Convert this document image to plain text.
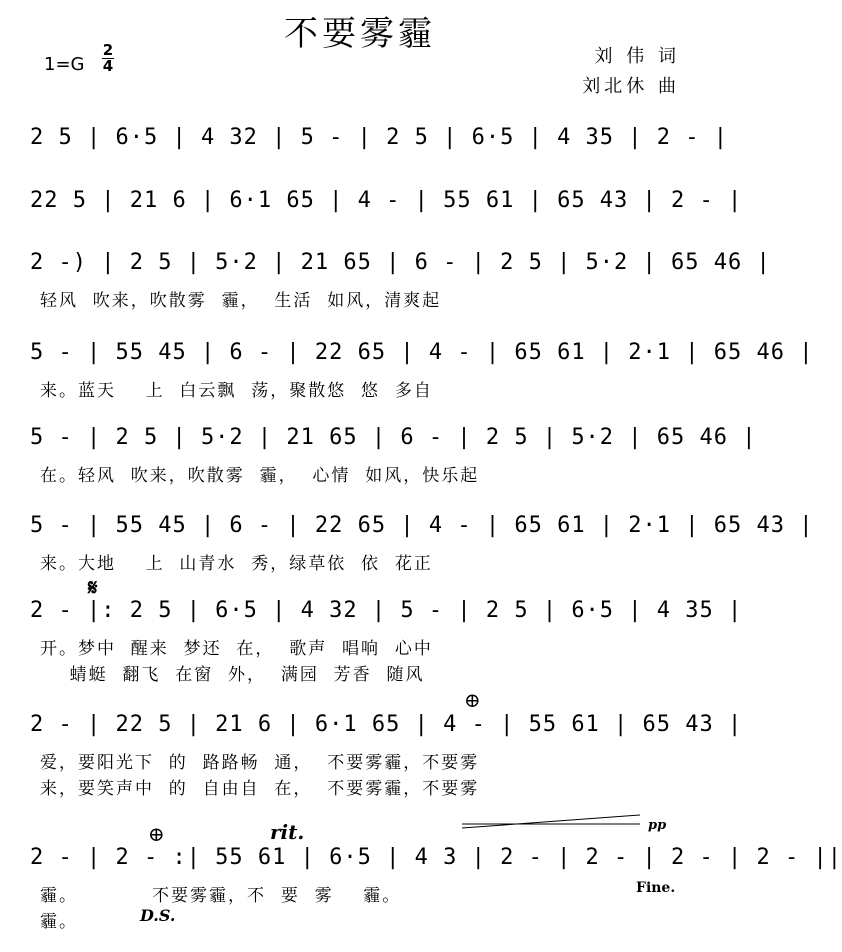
不要雾霾
1=G
2
4	刘 伟 词
刘北休 曲
2 5 | 6·5 | 4 32 | 5 - | 2 5 | 6·5 | 4 35 | 2 - |
22 5 | 21 6 | 6·1 65 | 4 - | 55 61 | 65 43 | 2 - |
2 -) | 2 5 | 5·2 | 21 65 | 6 - | 2 5 | 5·2 | 65 46 |
轻风  吹来，吹散雾  霾，  生活  如风，清爽起
5 - | 55 45 | 6 - | 22 65 | 4 - | 65 61 | 2·1 | 65 46 |
来。蓝天    上  白云飘  荡，聚散悠  悠  多自
5 - | 2 5 | 5·2 | 21 65 | 6 - | 2 5 | 5·2 | 65 46 |
在。轻风  吹来，吹散雾  霾，  心情  如风，快乐起
5 - | 55 45 | 6 - | 22 65 | 4 - | 65 61 | 2·1 | 65 43 |
来。大地    上  山青水  秀，绿草依  依  花正
2 - |: 2 5 | 6·5 | 4 32 | 5 - | 2 5 | 6·5 | 4 35 |
开。梦中  醒来  梦还  在，  歌声  唱响  心中
蜻蜓  翻飞  在窗  外，  满园  芳香  随风
2 - | 22 5 | 21 6 | 6·1 65 | 4 - | 55 61 | 65 43 |
爱，要阳光下  的  路路畅  通，  不要雾霾，不要雾
来，要笑声中  的  自由自  在，  不要雾霾，不要雾
2 - | 2 - :| 55 61 | 6·5 | 4 3 | 2 - | 2 - | 2 - | 2 - ||
霾。          不要雾霾，不  要  雾    霾。
霾。
𝄋
⊕
⊕	rit.	pp
D.S.
Fine.
